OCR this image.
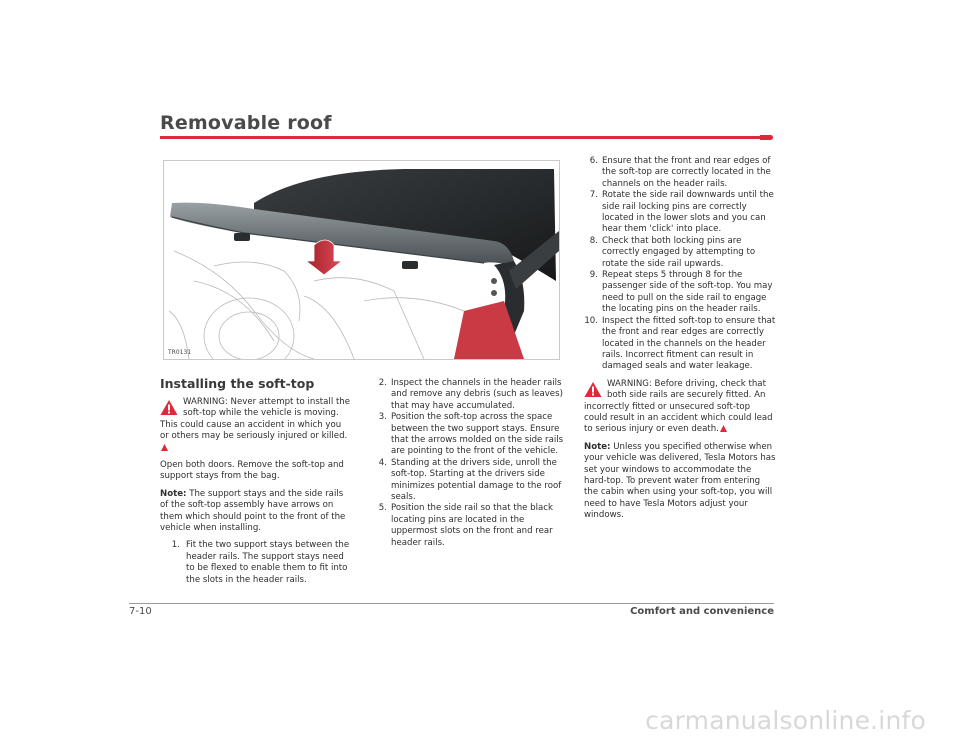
Removable roof
TR0131
Installing the soft-top
WARNING: Never attempt to install the soft-top while the vehicle is moving. This could cause an accident in which you or others may be seriously injured or killed.

Open both doors. Remove the soft-top and support stays from the bag.

Note: The support stays and the side rails of the soft-top assembly have arrows on them which should point to the front of the vehicle when installing.

1. Fit the two support stays between the header rails. The support stays need to be flexed to enable them to fit into the slots in the header rails.
2. Inspect the channels in the header rails and remove any debris (such as leaves) that may have accumulated.
3. Position the soft-top across the space between the two support stays. Ensure that the arrows molded on the side rails are pointing to the front of the vehicle.
4. Standing at the drivers side, unroll the soft-top. Starting at the drivers side minimizes potential damage to the roof seals.
5. Position the side rail so that the black locating pins are located in the uppermost slots on the front and rear header rails.
6. Ensure that the front and rear edges of the soft-top are correctly located in the channels on the header rails.
7. Rotate the side rail downwards until the side rail locking pins are correctly located in the lower slots and you can hear them 'click' into place.
8. Check that both locking pins are correctly engaged by attempting to rotate the side rail upwards.
9. Repeat steps 5 through 8 for the passenger side of the soft-top. You may need to pull on the side rail to engage the locating pins on the header rails.
10. Inspect the fitted soft-top to ensure that the front and rear edges are correctly located in the channels on the header rails. Incorrect fitment can result in damaged seals and water leakage.
WARNING: Before driving, check that both side rails are securely fitted. An incorrectly fitted or unsecured soft-top could result in an accident which could lead to serious injury or even death.

Note: Unless you specified otherwise when your vehicle was delivered, Tesla Motors has set your windows to accommodate the hard-top. To prevent water from entering the cabin when using your soft-top, you will need to have Tesla Motors adjust your windows.

7-10	Comfort and convenience
carmanualsonline.info
